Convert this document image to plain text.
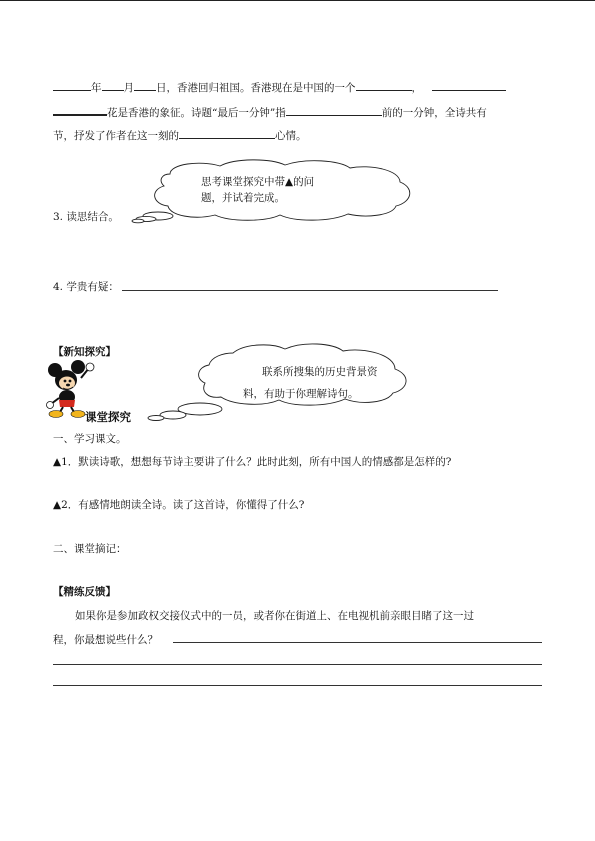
年 月 日，香港回归祖国。香港现在是中国的一个	，
花是香港的象征。诗题“最后一分钟”指	前的一分钟，全诗共有
节，抒发了作者在这一刻的	心情。
思考课堂探究中带▲的问
题，并试着完成。
3. 读思结合。
4. 学贵有疑：
【新知探究】
联系所搜集的历史背景资
料，有助于你理解诗句。
课堂探究
一、学习课文。
▲1．默读诗歌，想想每节诗主要讲了什么？此时此刻，所有中国人的情感都是怎样的?
▲2．有感情地朗读全诗。读了这首诗，你懂得了什么?
二、课堂摘记：
【精练反馈】
如果你是参加政权交接仪式中的一员，或者你在街道上、在电视机前亲眼目睹了这一过
程，你最想说些什么？
